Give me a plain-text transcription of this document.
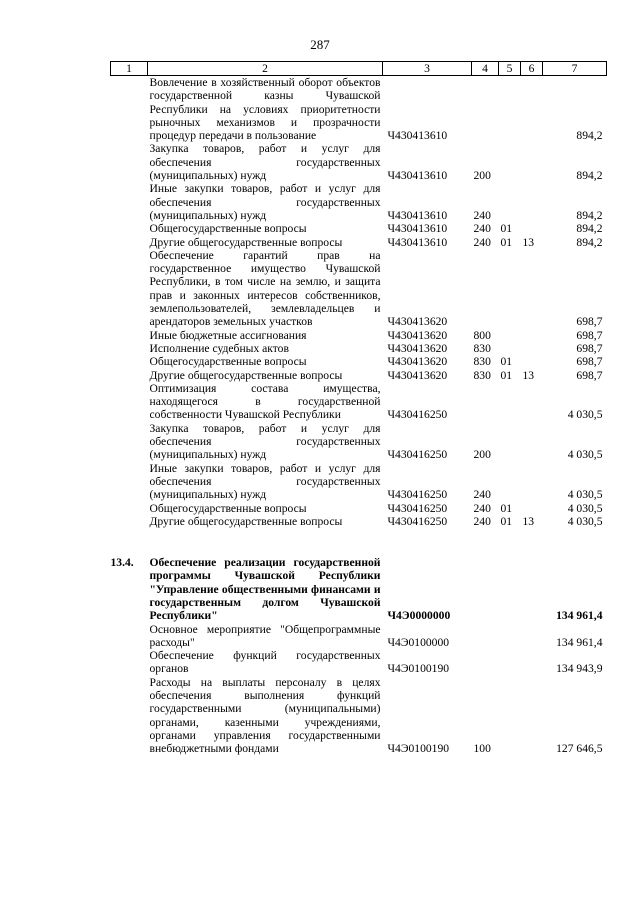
287
1	2	3	4	5	6	7
	Вовлечение в хозяйственный оборот объектов государственной казны Чувашской Республики на условиях приоритетности рыночных механизмов и прозрачности процедур передачи в пользование	Ч430413610				894,2
	Закупка товаров, работ и услуг для обеспечения государственных (муниципальных) нужд	Ч430413610	200			894,2
	Иные закупки товаров, работ и услуг для обеспечения государственных (муниципальных) нужд	Ч430413610	240			894,2
	Общегосударственные вопросы	Ч430413610	240	01		894,2
	Другие общегосударственные вопросы	Ч430413610	240	01	13	894,2
	Обеспечение гарантий прав на государственное имущество Чувашской Республики, в том числе на землю, и защита прав и законных интересов собственников, землепользователей, землевладельцев и арендаторов земельных участков	Ч430413620				698,7
	Иные бюджетные ассигнования	Ч430413620	800			698,7
	Исполнение судебных актов	Ч430413620	830			698,7
	Общегосударственные вопросы	Ч430413620	830	01		698,7
	Другие общегосударственные вопросы	Ч430413620	830	01	13	698,7
	Оптимизация состава имущества, находящегося в государственной собственности Чувашской Республики	Ч430416250				4 030,5
	Закупка товаров, работ и услуг для обеспечения государственных (муниципальных) нужд	Ч430416250	200			4 030,5
	Иные закупки товаров, работ и услуг для обеспечения государственных (муниципальных) нужд	Ч430416250	240			4 030,5
	Общегосударственные вопросы	Ч430416250	240	01		4 030,5
	Другие общегосударственные вопросы	Ч430416250	240	01	13	4 030,5

13.4.	Обеспечение реализации государственной программы Чувашской Республики "Управление общественными финансами и государственным долгом Чувашской Республики"	Ч4Э0000000				134 961,4
	Основное мероприятие "Общепрограммные расходы"	Ч4Э0100000				134 961,4
	Обеспечение функций государственных органов	Ч4Э0100190				134 943,9
	Расходы на выплаты персоналу в целях обеспечения выполнения функций государственными (муниципальными) органами, казенными учреждениями, органами управления государственными внебюджетными фондами	Ч4Э0100190	100			127 646,5
